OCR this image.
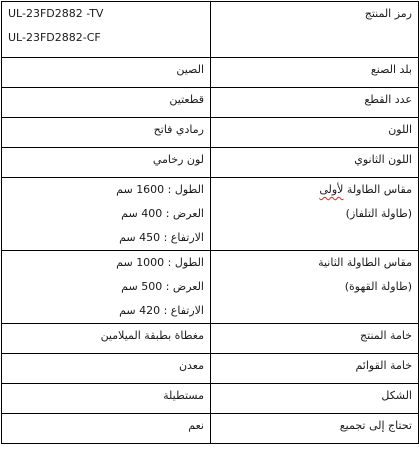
UL-23FD2882 -TV
UL-23FD2882-CF	رمز المنتج
الصين	بلد الصنع
قطعتين	عدد القطع
رمادي فاتح	اللون
لون رخامي	اللون الثانوي

الطول : 1600 سم
العرض : 400 سم
الارتفاع : 450 سم	مقاس الطاولة لأولى
(طاولة التلفاز)

الطول : 1000 سم
العرض : 500 سم
الارتفاع : 420 سم	مقاس الطاولة الثانية
(طاولة القهوة)

مغطاة بطبقة الميلامين	خامة المنتج
معدن	خامة القوائم
مستطيلة	الشكل
نعم	تحتاج إلى تجميع
